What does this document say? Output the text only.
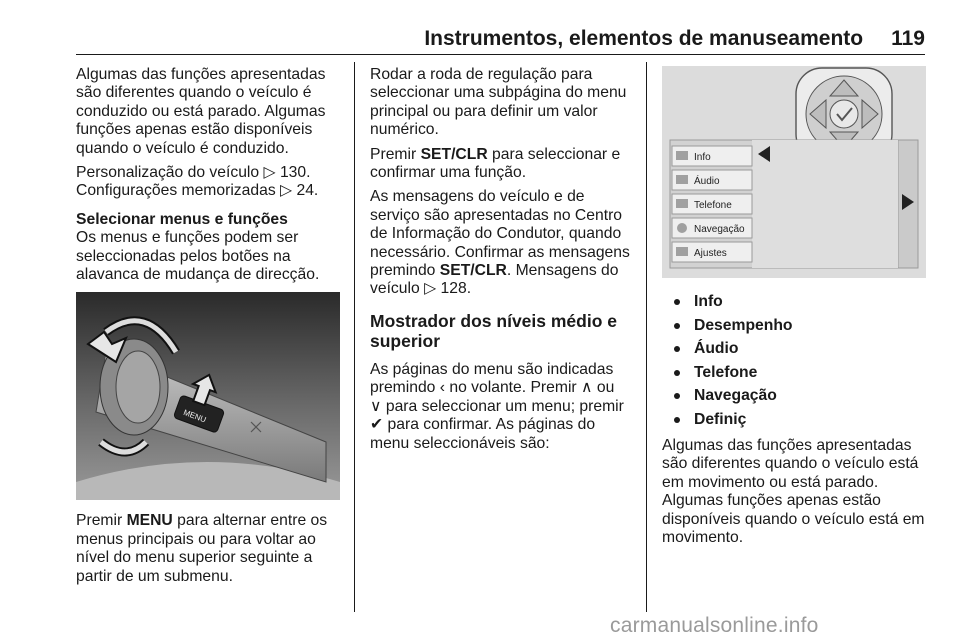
Instrumentos, elementos de manuseamento 119

Algumas das funções apresentadas são diferentes quando o veículo é conduzido ou está parado. Algumas funções apenas estão disponíveis quando o veículo é conduzido.

Personalização do veículo ▷ 130.
Configurações memorizadas ▷ 24.

Selecionar menus e funções

Os menus e funções podem ser seleccionadas pelos botões na alavanca de mudança de direcção.

MENU

Premir MENU para alternar entre os menus principais ou para voltar ao nível do menu superior seguinte a partir de um submenu.

Rodar a roda de regulação para seleccionar uma subpágina do menu principal ou para definir um valor numérico.

Premir SET/CLR para seleccionar e confirmar uma função.

As mensagens do veículo e de serviço são apresentadas no Centro de Informação do Condutor, quando necessário. Confirmar as mensagens premindo SET/CLR. Mensagens do veículo ▷ 128.

Mostrador dos níveis médio e superior

As páginas do menu são indicadas premindo ‹ no volante. Premir ∧ ou
∨ para seleccionar um menu; premir
✔ para confirmar. As páginas do menu seleccionáveis são:

Info
Áudio
Telefone
Navegação
Ajustes
Info
Desempenho
Áudio
Telefone
Navegação
Definiç

Algumas das funções apresentadas são diferentes quando o veículo está em movimento ou está parado. Algumas funções apenas estão disponíveis quando o veículo está em movimento.

carmanualsonline.info
